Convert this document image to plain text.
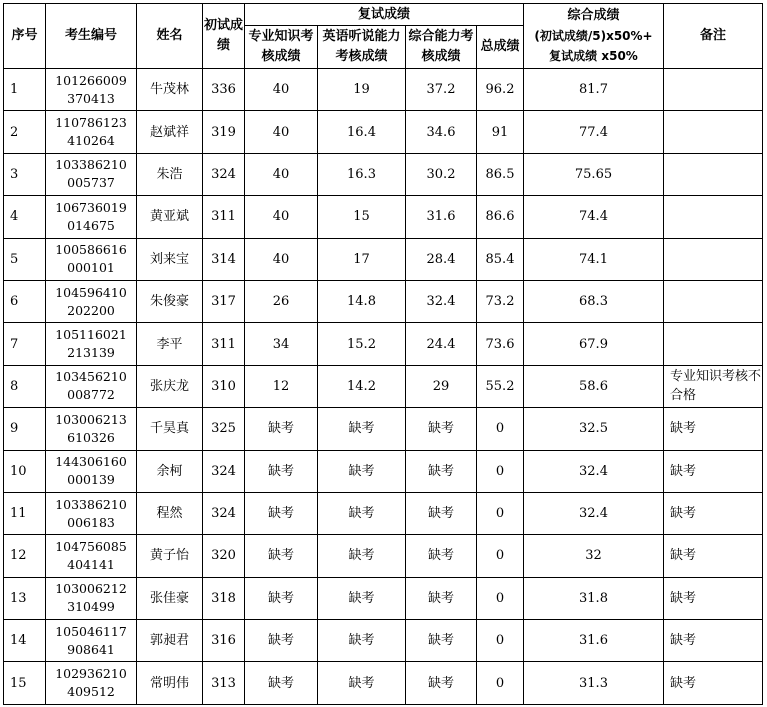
序号	考生编号	姓名	初试成绩	复试成绩				综合成绩
(初试成绩/5)x50%+
复试成绩 x50%	备注
				专业知识考核成绩	英语听说能力考核成绩	综合能力考核成绩	总成绩		
1	101266009
370413	牛茂林	336	40	19	37.2	96.2	81.7	
2	110786123
410264	赵斌祥	319	40	16.4	34.6	91	77.4	
3	103386210
005737	朱浩	324	40	16.3	30.2	86.5	75.65	
4	106736019
014675	黄亚斌	311	40	15	31.6	86.6	74.4	
5	100586616
000101	刘来宝	314	40	17	28.4	85.4	74.1	
6	104596410
202200	朱俊豪	317	26	14.8	32.4	73.2	68.3	
7	105116021
213139	李平	311	34	15.2	24.4	73.6	67.9	
8	103456210
008772	张庆龙	310	12	14.2	29	55.2	58.6	专业知识考核不合格
9	103006213
610326	千昊真	325	缺考	缺考	缺考	0	32.5	缺考
10	144306160
000139	余柯	324	缺考	缺考	缺考	0	32.4	缺考
11	103386210
006183	程然	324	缺考	缺考	缺考	0	32.4	缺考
12	104756085
404141	黄子怡	320	缺考	缺考	缺考	0	32	缺考
13	103006212
310499	张佳豪	318	缺考	缺考	缺考	0	31.8	缺考
14	105046117
908641	郭昶君	316	缺考	缺考	缺考	0	31.6	缺考
15	102936210
409512	常明伟	313	缺考	缺考	缺考	0	31.3	缺考
